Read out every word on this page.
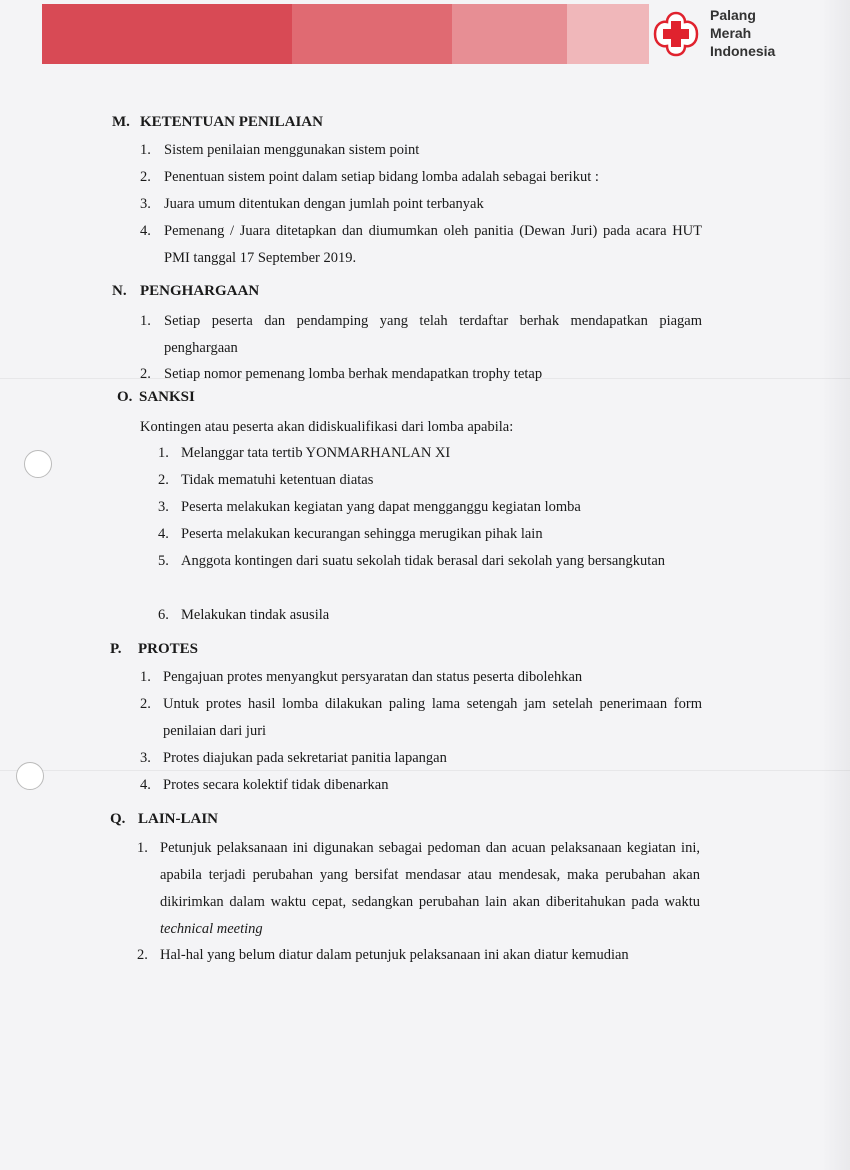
Palang
Merah
Indonesia
M. KETENTUAN PENILAIAN
1. Sistem penilaian menggunakan sistem point
2. Penentuan sistem point dalam setiap bidang lomba adalah sebagai berikut :
3. Juara umum ditentukan dengan jumlah point terbanyak
4. Pemenang / Juara ditetapkan dan diumumkan oleh panitia (Dewan Juri) pada acara HUT PMI tanggal 17 September 2019.
N. PENGHARGAAN
1. Setiap peserta dan pendamping yang telah terdaftar berhak mendapatkan piagam penghargaan
2. Setiap nomor pemenang lomba berhak mendapatkan trophy tetap
O. SANKSI
Kontingen atau peserta akan didiskualifikasi dari lomba apabila:
1. Melanggar tata tertib YONMARHANLAN XI
2. Tidak mematuhi ketentuan diatas
3. Peserta melakukan kegiatan yang dapat mengganggu kegiatan lomba
4. Peserta melakukan kecurangan sehingga merugikan pihak lain
5. Anggota kontingen dari suatu sekolah tidak berasal dari sekolah yang bersangkutan
6. Melakukan tindak asusila
P. PROTES
1. Pengajuan protes menyangkut persyaratan dan status peserta dibolehkan
2. Untuk protes hasil lomba dilakukan paling lama setengah jam setelah penerimaan form penilaian dari juri
3. Protes diajukan pada sekretariat panitia lapangan
4. Protes secara kolektif tidak dibenarkan
Q. LAIN-LAIN
1. Petunjuk pelaksanaan ini digunakan sebagai pedoman dan acuan pelaksanaan kegiatan ini, apabila terjadi perubahan yang bersifat mendasar atau mendesak, maka perubahan akan dikirimkan dalam waktu cepat, sedangkan perubahan lain akan diberitahukan pada waktu technical meeting
2. Hal-hal yang belum diatur dalam petunjuk pelaksanaan ini akan diatur kemudian
